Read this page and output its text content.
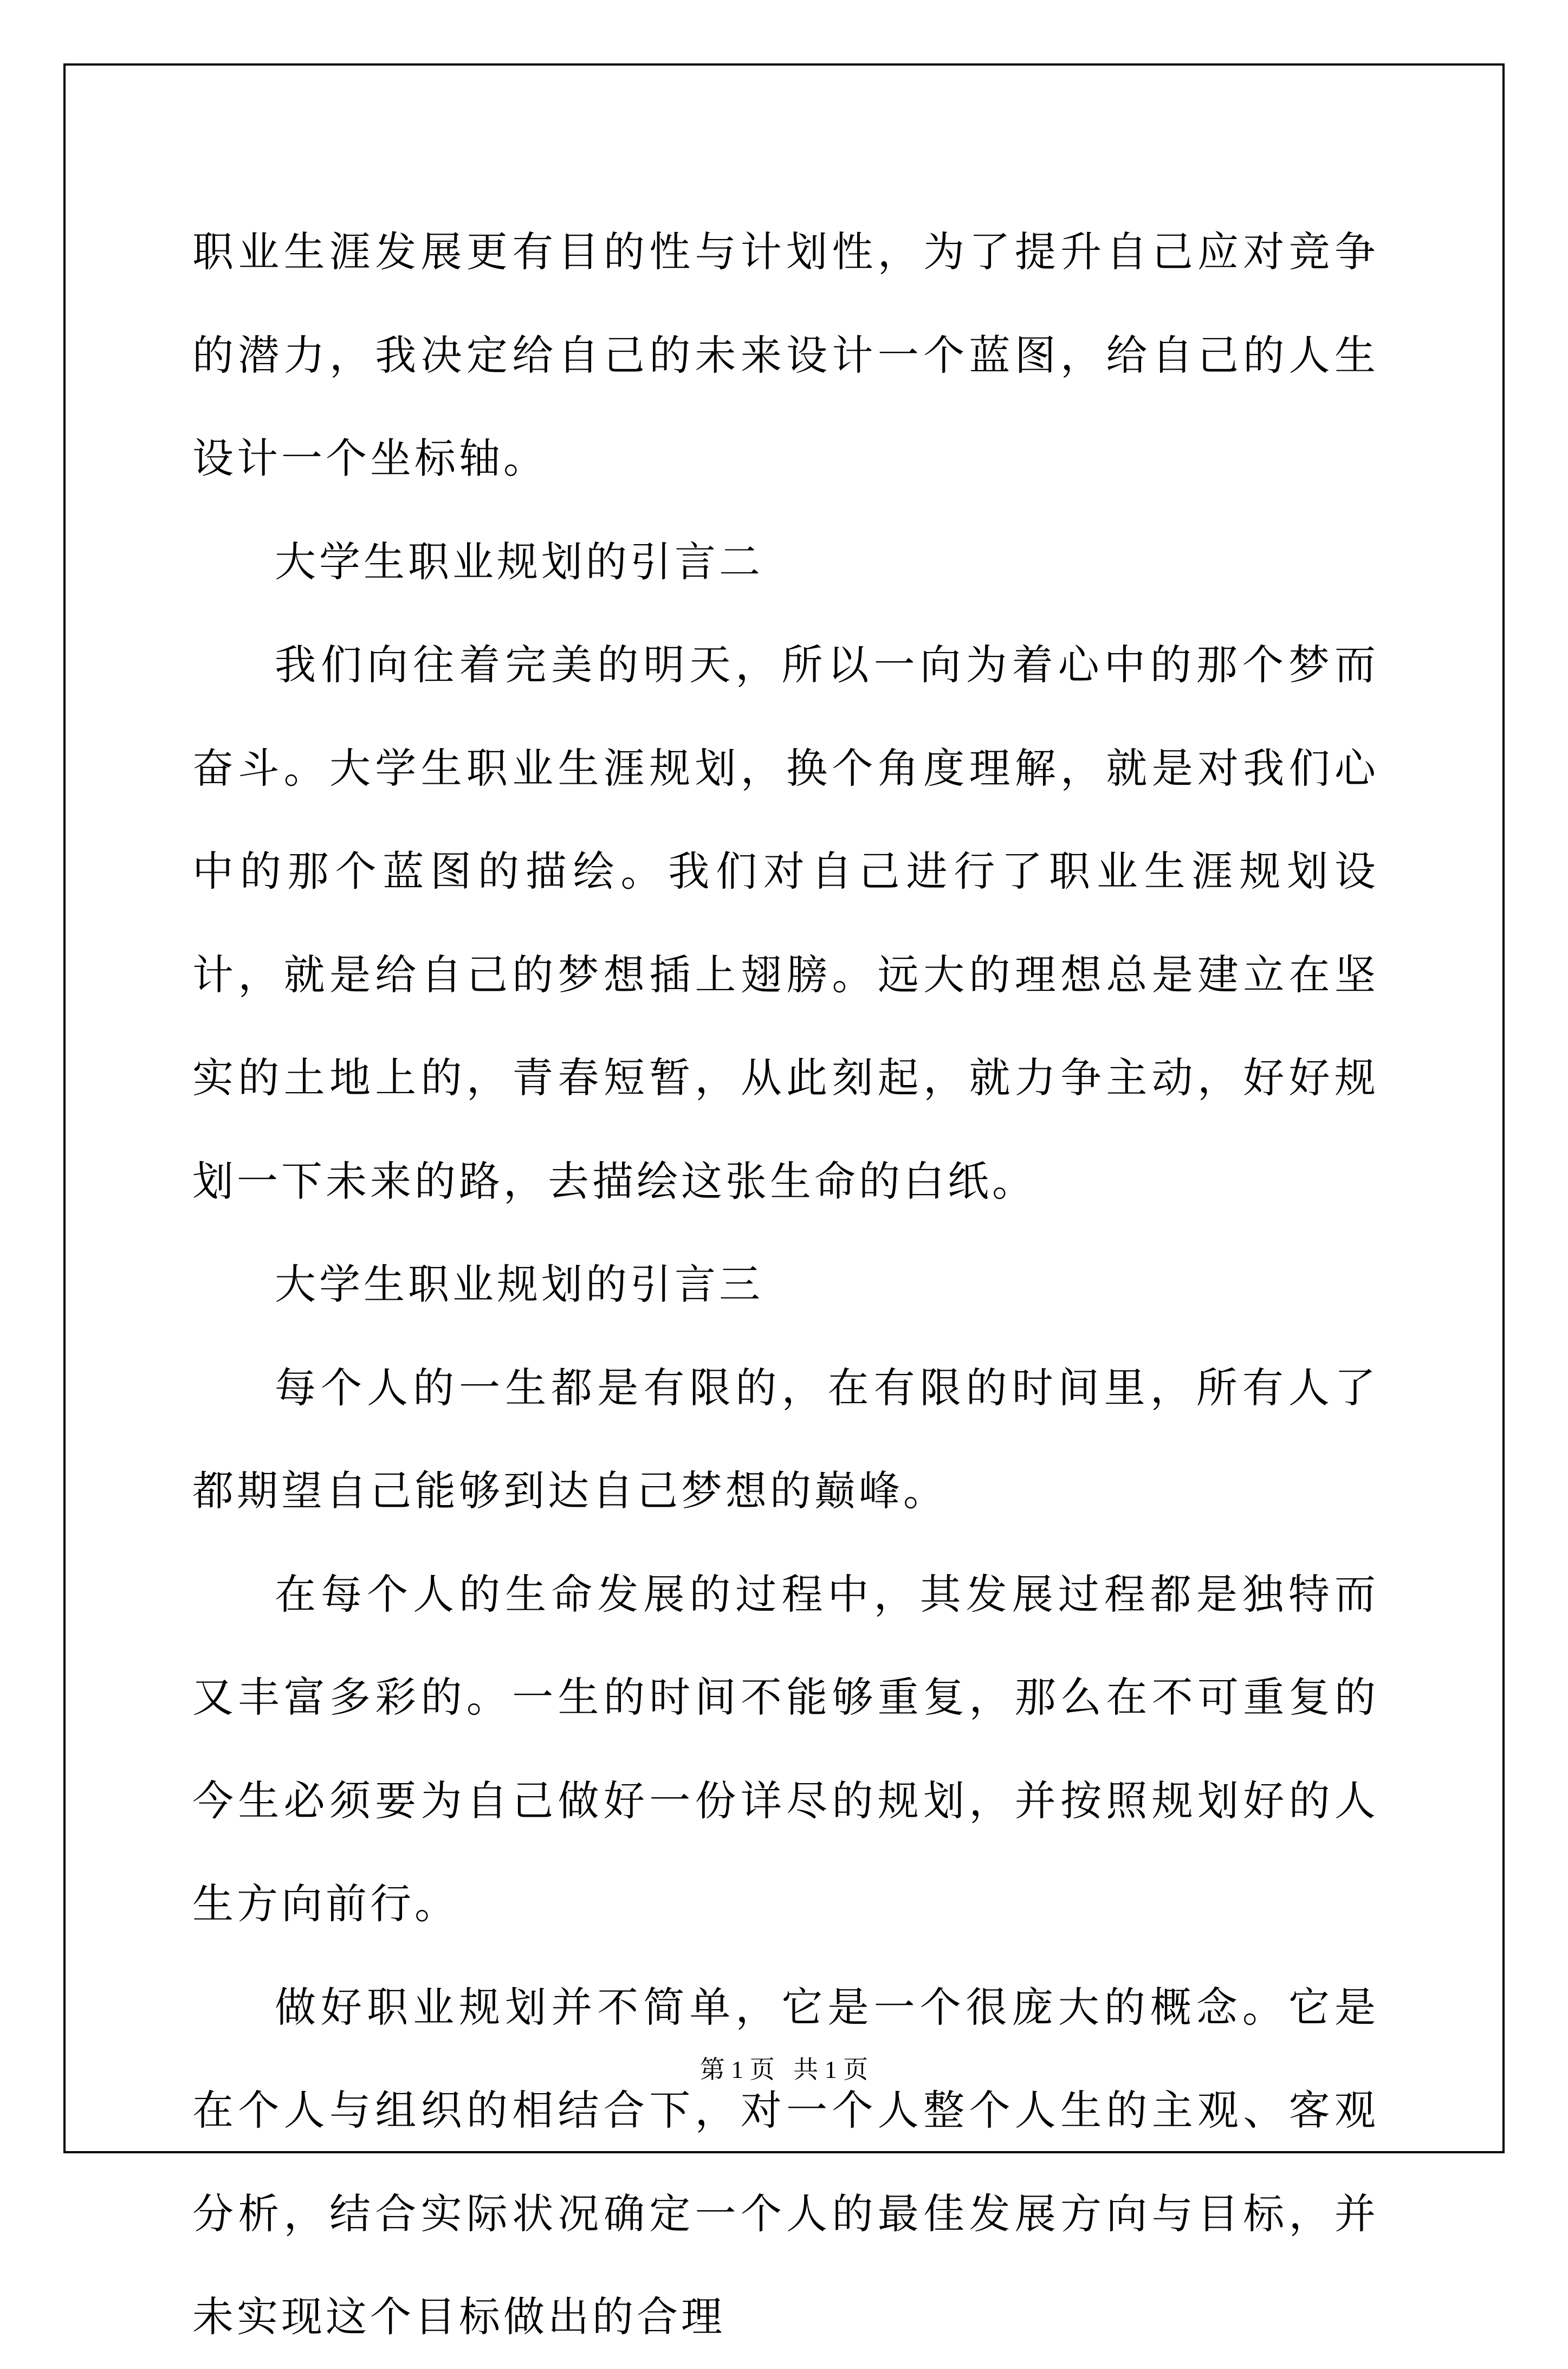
职业生涯发展更有目的性与计划性，为了提升自己应对竞争的潜力，我决定给自己的未来设计一个蓝图，给自己的人生设计一个坐标轴。

大学生职业规划的引言二

我们向往着完美的明天，所以一向为着心中的那个梦而奋斗。大学生职业生涯规划，换个角度理解，就是对我们心中的那个蓝图的描绘。我们对自己进行了职业生涯规划设计，就是给自己的梦想插上翅膀。远大的理想总是建立在坚实的土地上的，青春短暂，从此刻起，就力争主动，好好规划一下未来的路，去描绘这张生命的白纸。

大学生职业规划的引言三

每个人的一生都是有限的，在有限的时间里，所有人了都期望自己能够到达自己梦想的巅峰。

在每个人的生命发展的过程中，其发展过程都是独特而又丰富多彩的。一生的时间不能够重复，那么在不可重复的今生必须要为自己做好一份详尽的规划，并按照规划好的人生方向前行。

做好职业规划并不简单，它是一个很庞大的概念。它是在个人与组织的相结合下，对一个人整个人生的主观、客观分析，结合实际状况确定一个人的最佳发展方向与目标，并未实现这个目标做出的合理

第 1 页   共 1 页
